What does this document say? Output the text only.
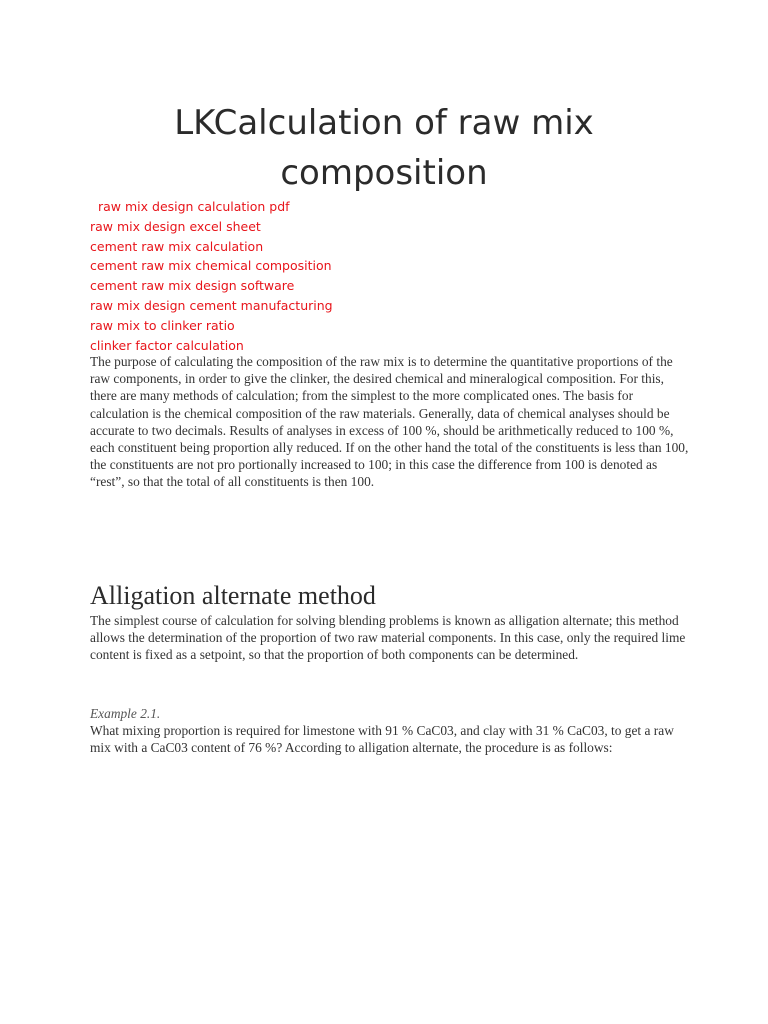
LKCalculation of raw mix composition
raw mix design calculation pdf
raw mix design excel sheet
cement raw mix calculation
cement raw mix chemical composition
cement raw mix design software
raw mix design cement manufacturing
raw mix to clinker ratio
clinker factor calculation

The purpose of calculating the composition of the raw mix is to determine the quantitative proportions of the raw components, in order to give the clinker, the desired chemical and mineralogical composition. For this, there are many methods of calculation; from the simplest to the more complicated ones. The basis for calculation is the chemical composition of the raw materials. Generally, data of chemical analyses should be accurate to two decimals. Results of analyses in excess of 100 %, should be arithmetically reduced to 100 %, each constituent being proportion ally reduced. If on the other hand the total of the constituents is less than 100, the constituents are not pro portionally increased to 100; in this case the difference from 100 is denoted as “rest”, so that the total of all constituents is then 100.

Alligation alternate method

The simplest course of calculation for solving blending problems is known as alligation alternate; this method allows the determination of the proportion of two raw material components. In this case, only the required lime content is fixed as a setpoint, so that the proportion of both components can be determined.

Example 2.1.

What mixing proportion is required for limestone with 91 % CaC03, and clay with 31 % CaC03, to get a raw mix with a CaC03 content of 76 %? According to alligation alternate, the procedure is as follows:
